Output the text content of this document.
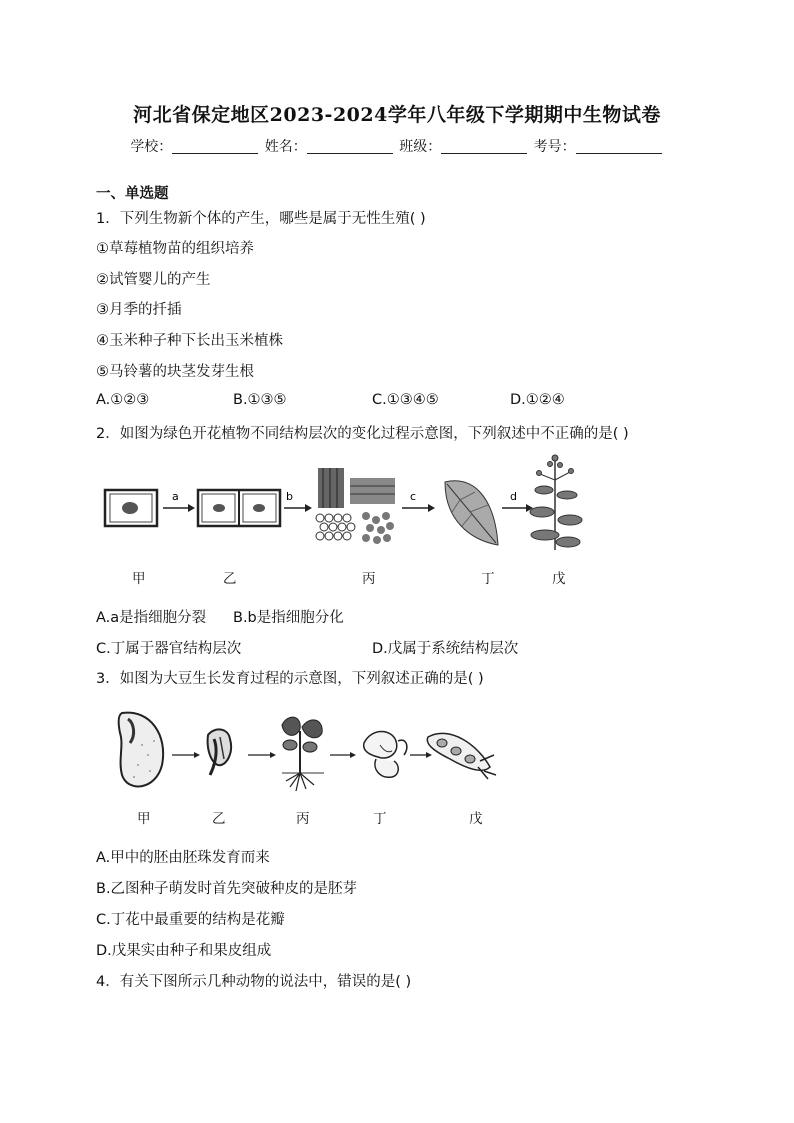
河北省保定地区2023-2024学年八年级下学期期中生物试卷
学校：	姓名：	班级：	考号：
一、单选题
1．下列生物新个体的产生，哪些是属于无性生殖( )
①草莓植物苗的组织培养
②试管婴儿的产生
③月季的扦插
④玉米种子种下长出玉米植株
⑤马铃薯的块茎发芽生根
A.①②③	B.①③⑤	C.①③④⑤	D.①②④
2．如图为绿色开花植物不同结构层次的变化过程示意图，下列叙述中不正确的是( )
a	b	c	d
甲	乙	丙	丁	戊
A.a是指细胞分裂 B.b是指细胞分化
C.丁属于器官结构层次	D.戊属于系统结构层次
3．如图为大豆生长发育过程的示意图，下列叙述正确的是( )
甲	乙	丙	丁	戊
A.甲中的胚由胚珠发育而来
B.乙图种子萌发时首先突破种皮的是胚芽
C.丁花中最重要的结构是花瓣
D.戊果实由种子和果皮组成
4．有关下图所示几种动物的说法中，错误的是( )
